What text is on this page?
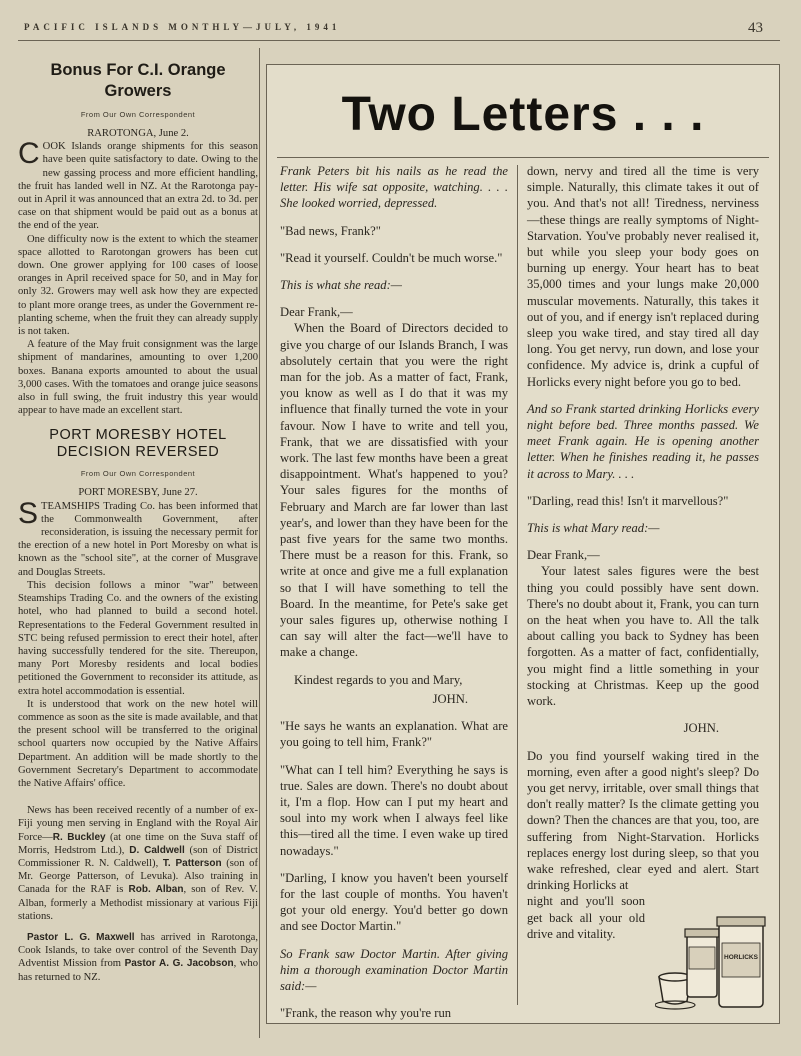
PACIFIC ISLANDS MONTHLY—JULY, 1941	43
Bonus For C.I. Orange
Growers
From Our Own Correspondent

RAROTONGA, June 2.

COOK Islands orange shipments for this season have been quite satisfactory to date. Owing to the new gassing process and more efficient handling, the fruit has landed well in NZ. At the Rarotonga pay-out in April it was announced that an extra 2d. to 3d. per case on that shipment would be paid out as a bonus at the end of the year.

One difficulty now is the extent to which the steamer space allotted to Rarotongan growers has been cut down. One grower applying for 100 cases of loose oranges in April received space for 50, and in May for only 32. Growers may well ask how they are expected to plant more orange trees, as under the Government re-planting scheme, when the fruit they can already supply is not taken.

A feature of the May fruit consignment was the large shipment of mandarines, amounting to over 1,200 boxes. Banana exports amounted to about the usual 3,000 cases. With the tomatoes and orange juice seasons also in full swing, the fruit industry this year would appear to have made an excellent start.

PORT MORESBY HOTEL
DECISION REVERSED
From Our Own Correspondent

PORT MORESBY, June 27.

STEAMSHIPS Trading Co. has been informed that the Commonwealth Government, after reconsideration, is issuing the necessary permit for the erection of a new hotel in Port Moresby on what is known as the "school site", at the corner of Musgrave and Douglas Streets.

This decision follows a minor "war" between Steamships Trading Co. and the owners of the existing hotel, who had planned to build a second hotel. Representations to the Federal Government resulted in STC being refused permission to erect their hotel, after having successfully tendered for the site. Thereupon, many Port Moresby residents and local bodies petitioned the Government to reconsider its attitude, as extra hotel accommodation is essential.

It is understood that work on the new hotel will commence as soon as the site is made available, and that the present school will be transferred to the original school quarters now occupied by the Native Affairs Department. An addition will be made shortly to the Government Secretary's Department to accommodate the Native Affairs' office.

News has been received recently of a number of ex-Fiji young men serving in England with the Royal Air Force—R. Buckley (at one time on the Suva staff of Morris, Hedstrom Ltd.), D. Caldwell (son of District Commissioner R. N. Caldwell), T. Patterson (son of Mr. George Patterson, of Levuka). Also training in Canada for the RAF is Rob. Alban, son of Rev. V. Alban, formerly a Methodist missionary at various Fiji stations.

Pastor L. G. Maxwell has arrived in Rarotonga, Cook Islands, to take over control of the Seventh Day Adventist Mission from Pastor A. G. Jacobson, who has returned to NZ.

Two Letters . . .

Frank Peters bit his nails as he read the letter. His wife sat opposite, watching. . . . She looked worried, depressed.

"Bad news, Frank?"

"Read it yourself. Couldn't be much worse."

This is what she read:—

Dear Frank,—

When the Board of Directors decided to give you charge of our Islands Branch, I was absolutely certain that you were the right man for the job. As a matter of fact, Frank, you know as well as I do that it was my influence that finally turned the vote in your favour. Now I have to write and tell you, Frank, that we are dissatisfied with your work. The last few months have been a great disappointment. What's happened to you? Your sales figures for the months of February and March are far lower than last year's, and lower than they have been for the past five years for the same two months. There must be a reason for this. Frank, so write at once and give me a full explanation so that I will have something to tell the Board. In the meantime, for Pete's sake get your sales figures up, otherwise nothing I can say will alter the fact—we'll have to make a change.

Kindest regards to you and Mary,

JOHN.

"He says he wants an explanation. What are you going to tell him, Frank?"

"What can I tell him? Everything he says is true. Sales are down. There's no doubt about it, I'm a flop. How can I put my heart and soul into my work when I always feel like this—tired all the time. I even wake up tired nowadays."

"Darling, I know you haven't been yourself for the last couple of months. You haven't got your old energy. You'd better go down and see Doctor Martin."

So Frank saw Doctor Martin. After giving him a thorough examination Doctor Martin said:—

"Frank, the reason why you're run

down, nervy and tired all the time is very simple. Naturally, this climate takes it out of you. And that's not all! Tiredness, nerviness—these things are really symptoms of Night-Starvation. You've probably never realised it, but while you sleep your body goes on burning up energy. Your heart has to beat 35,000 times and your lungs make 20,000 muscular movements. Naturally, this takes it out of you, and if energy isn't replaced during sleep you wake tired, and stay tired all day long. You get nervy, run down, and lose your confidence. My advice is, drink a cupful of Horlicks every night before you go to bed.

And so Frank started drinking Horlicks every night before bed. Three months passed. We meet Frank again. He is opening another letter. When he finishes reading it, he passes it across to Mary. . . .

"Darling, read this! Isn't it marvellous?"

This is what Mary read:—

Dear Frank,—

Your latest sales figures were the best thing you could possibly have sent down. There's no doubt about it, Frank, you can turn on the heat when you have to. All the talk about calling you back to Sydney has been forgotten. As a matter of fact, confidentially, you might find a little something in your stocking at Christmas. Keep up the good work.

JOHN.

Do you find yourself waking tired in the morning, even after a good night's sleep? Do you get nervy, irritable, over small things that don't really matter? Is the climate getting you down? Then the chances are that you, too, are suffering from Night-Starvation. Horlicks replaces energy lost during sleep, so that you wake refreshed, clear eyed and alert. Start drinking Horlicks at

night and you'll soon get back all your old drive and vitality.

HORLICKS
